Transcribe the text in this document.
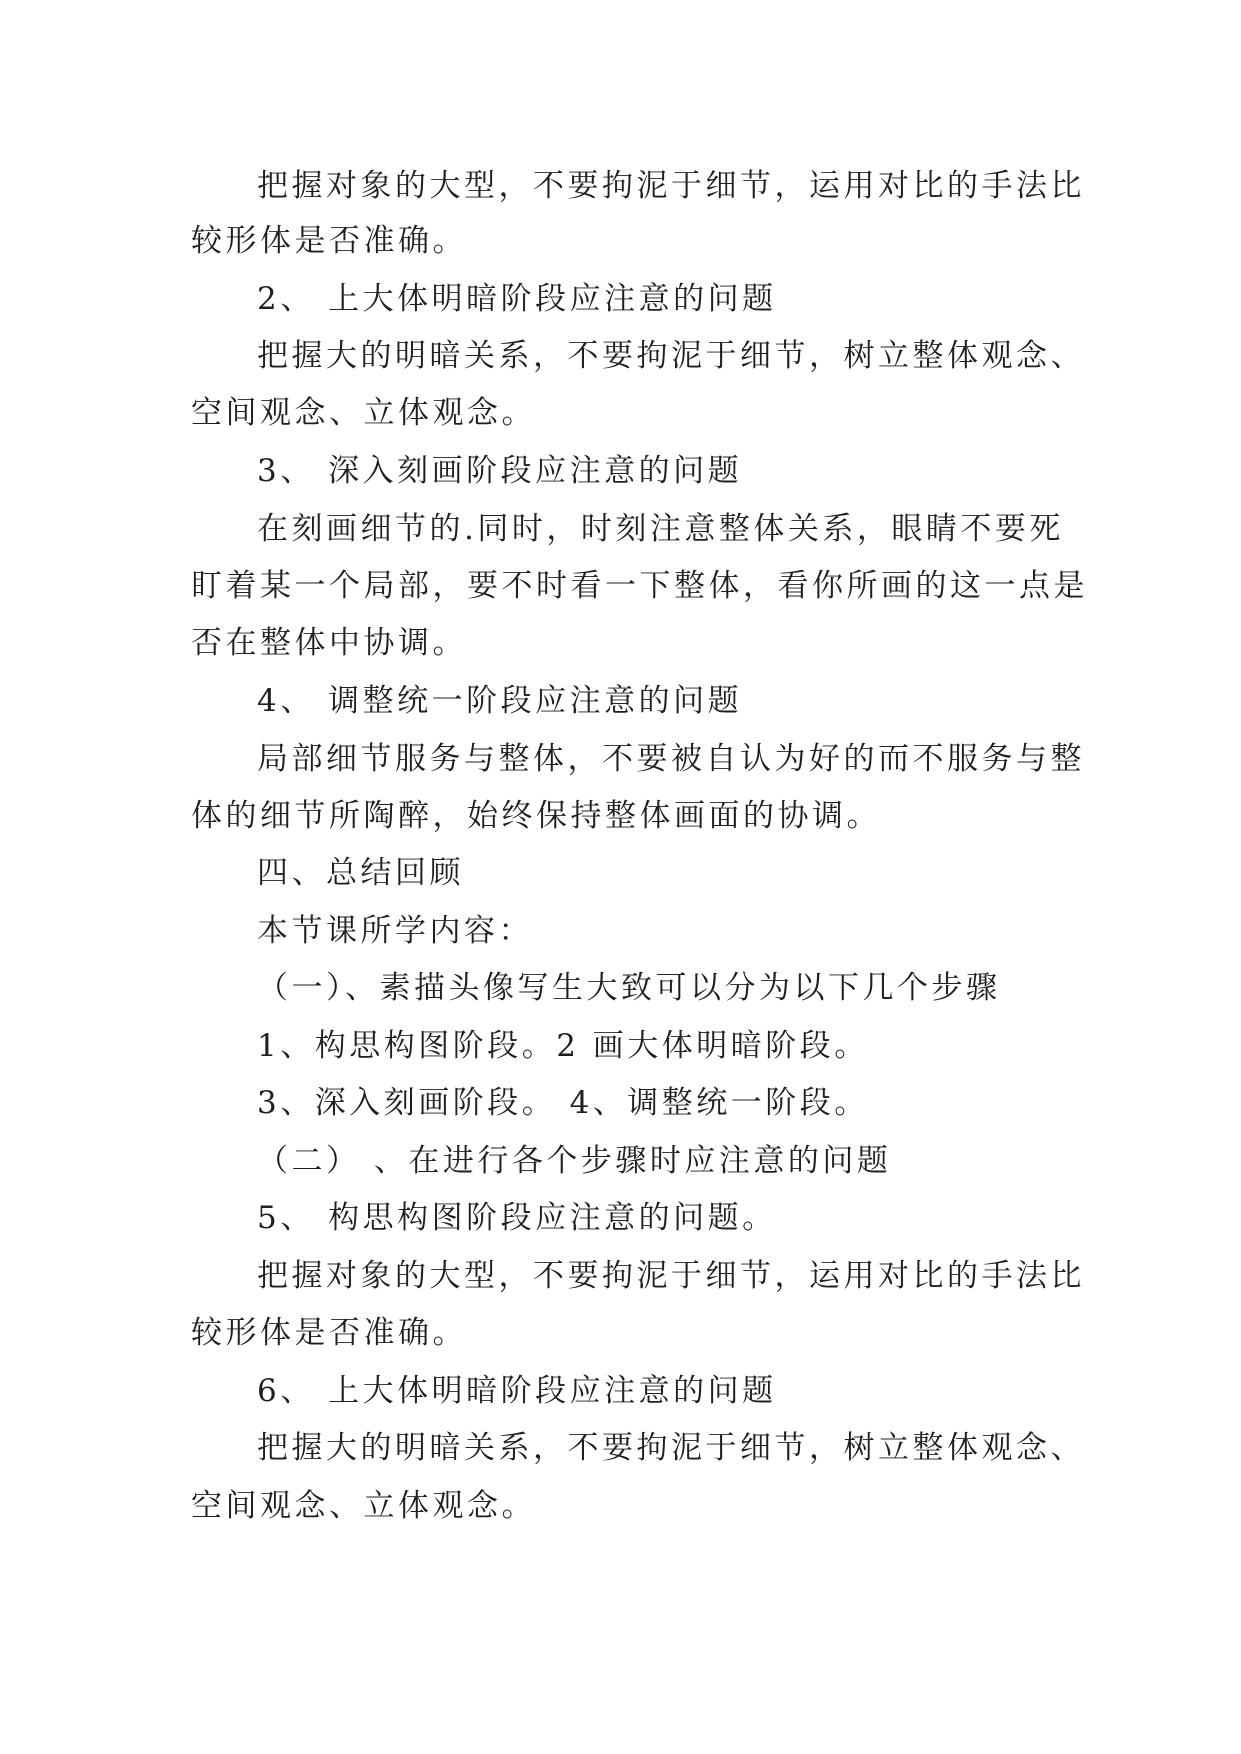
把握对象的大型，不要拘泥于细节，运用对比的手法比
较形体是否准确。
2、 上大体明暗阶段应注意的问题
把握大的明暗关系，不要拘泥于细节，树立整体观念、
空间观念、立体观念。
3、 深入刻画阶段应注意的问题
在刻画细节的.同时，时刻注意整体关系，眼睛不要死
盯着某一个局部，要不时看一下整体，看你所画的这一点是
否在整体中协调。
4、 调整统一阶段应注意的问题
局部细节服务与整体，不要被自认为好的而不服务与整
体的细节所陶醉，始终保持整体画面的协调。
四、总结回顾
本节课所学内容：
（一）、素描头像写生大致可以分为以下几个步骤
1、构思构图阶段。2 画大体明暗阶段。
3、深入刻画阶段。 4、调整统一阶段。
（二） 、在进行各个步骤时应注意的问题
5、 构思构图阶段应注意的问题。
把握对象的大型，不要拘泥于细节，运用对比的手法比
较形体是否准确。
6、 上大体明暗阶段应注意的问题
把握大的明暗关系，不要拘泥于细节，树立整体观念、
空间观念、立体观念。
